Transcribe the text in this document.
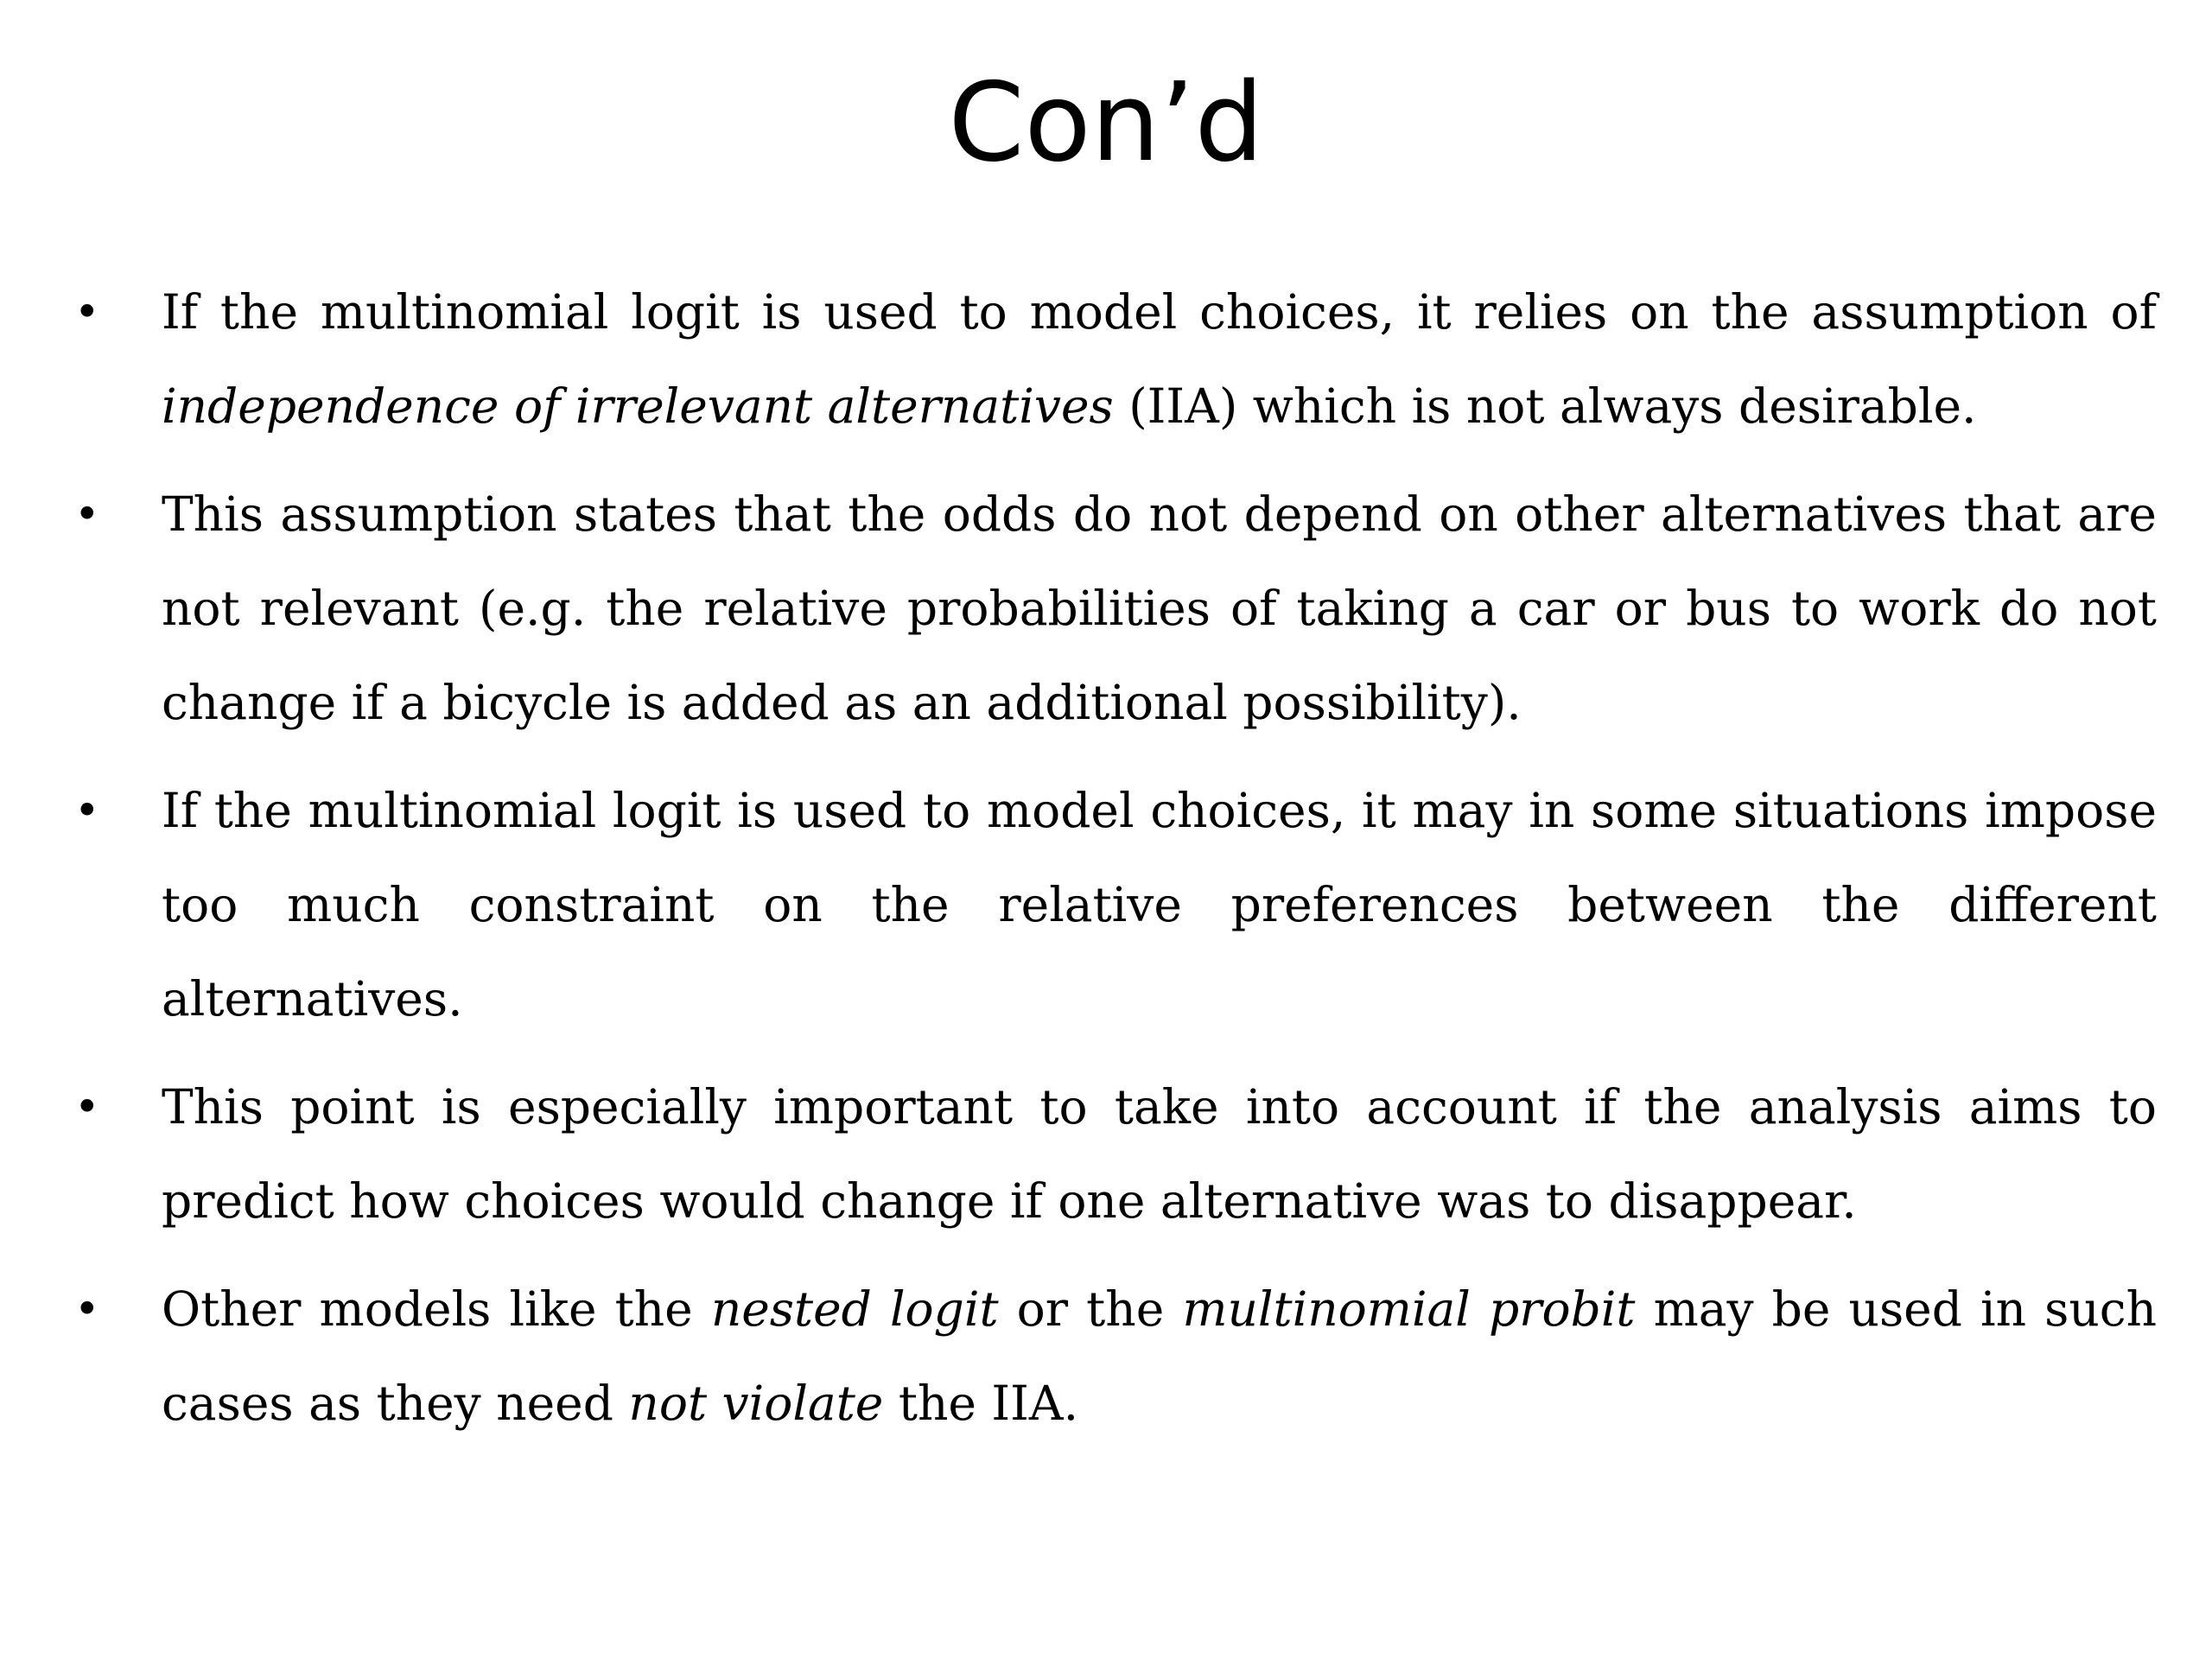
Con’d
• If the multinomial logit is used to model choices, it relies on the assumption of independence of irrelevant alternatives (IIA) which is not always desirable.
• This assumption states that the odds do not depend on other alternatives that are not relevant (e.g. the relative probabilities of taking a car or bus to work do not change if a bicycle is added as an additional possibility).
• If the multinomial logit is used to model choices, it may in some situations impose too much constraint on the relative preferences between the different alternatives.
• This point is especially important to take into account if the analysis aims to predict how choices would change if one alternative was to disappear.
• Other models like the nested logit or the multinomial probit may be used in such cases as they need not violate the IIA.
